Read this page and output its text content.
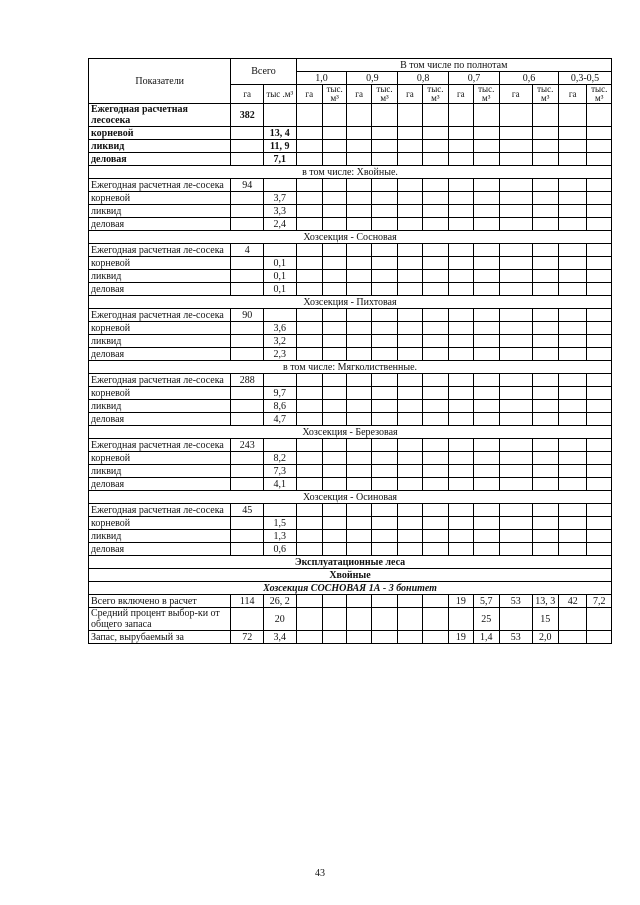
Показатели	Всего		В том числе по полнотам											
			1,0		0,9		0,8		0,7		0,6		0,3-0,5	
	га	тыс .м³	га	тыс. м³	га	тыс. м³	га	тыс. м³	га	тыс. м³	га	тыс. м³	га	тыс. м³
Ежегодная расчетная лесосека	382													
корневой		13, 4												
ликвид		11, 9												
деловая		7,1												
в том числе: Хвойные.														
Ежегодная расчетная ле-сосека	94													
корневой		3,7												
ликвид		3,3												
деловая		2,4												
Хозсекция - Сосновая														
Ежегодная расчетная ле-сосека	4													
корневой		0,1												
ликвид		0,1												
деловая		0,1												
Хозсекция - Пихтовая														
Ежегодная расчетная ле-сосека	90													
корневой		3,6												
ликвид		3,2												
деловая		2,3												
в том числе: Мягколиственные.														
Ежегодная расчетная ле-сосека	288													
корневой		9,7												
ликвид		8,6												
деловая		4,7												
Хозсекция - Березовая														
Ежегодная расчетная ле-сосека	243													
корневой		8,2												
ликвид		7,3												
деловая		4,1												
Хозсекция - Осиновая														
Ежегодная расчетная ле-сосека	45													
корневой		1,5												
ликвид		1,3												
деловая		0,6												
Эксплуатационные леса														
Хвойные														
Хозсекция СОСНОВАЯ 1А - 3 бонитет														
Всего включено в расчет	114	26, 2							19	5,7	53	13, 3	42	7,2
Средний процент выбор-ки от общего запаса		20								25		15		
Запас, вырубаемый за	72	3,4							19	1,4	53	2,0		
43
